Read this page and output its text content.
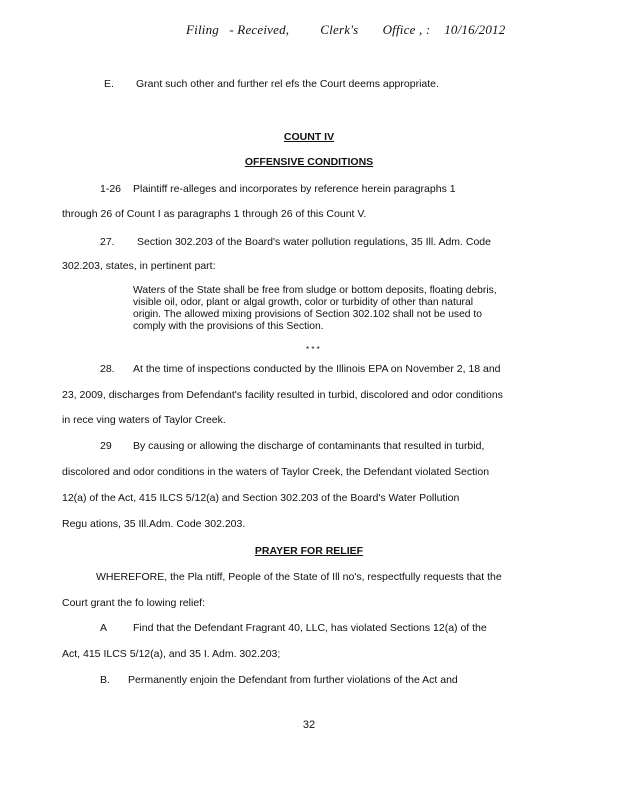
Filing   - Received,         Clerk's       Office , :    10/16/2012
E. Grant such other and further rel efs the Court deems appropriate.
COUNT IV
OFFENSIVE CONDITIONS
1-26 Plaintiff re-alleges and incorporates by reference herein paragraphs 1
through 26 of Count I as paragraphs 1 through 26 of this Count V.
27. Section 302.203 of the Board's water pollution regulations, 35 Ill. Adm. Code
302.203, states, in pertinent part:

Waters of the State shall be free from sludge or bottom deposits, floating debris,

visible oil, odor, plant or algal growth, color or turbidity of other than natural

origin. The allowed mixing provisions of Section 302.102 shall not be used to

comply with the provisions of this Section.

* * *
28. At the time of inspections conducted by the Illinois EPA on November 2, 18 and
23, 2009, discharges from Defendant's facility resulted in turbid, discolored and odor conditions
in rece ving waters of Taylor Creek.
29 By causing or allowing the discharge of contaminants that resulted in turbid,
discolored and odor conditions in the waters of Taylor Creek, the Defendant violated Section
12(a) of the Act, 415 ILCS 5/12(a) and Section 302.203 of the Board's Water Pollution
Regu ations, 35 Ill.Adm. Code 302.203.
PRAYER FOR RELIEF
WHEREFORE, the Pla ntiff, People of the State of Ill no's, respectfully requests that the
Court grant the fo lowing relief:
A Find that the Defendant Fragrant 40, LLC, has violated Sections 12(a) of the
Act, 415 ILCS 5/12(a), and 35 I. Adm. 302.203;
B. Permanently enjoin the Defendant from further violations of the Act and
32
